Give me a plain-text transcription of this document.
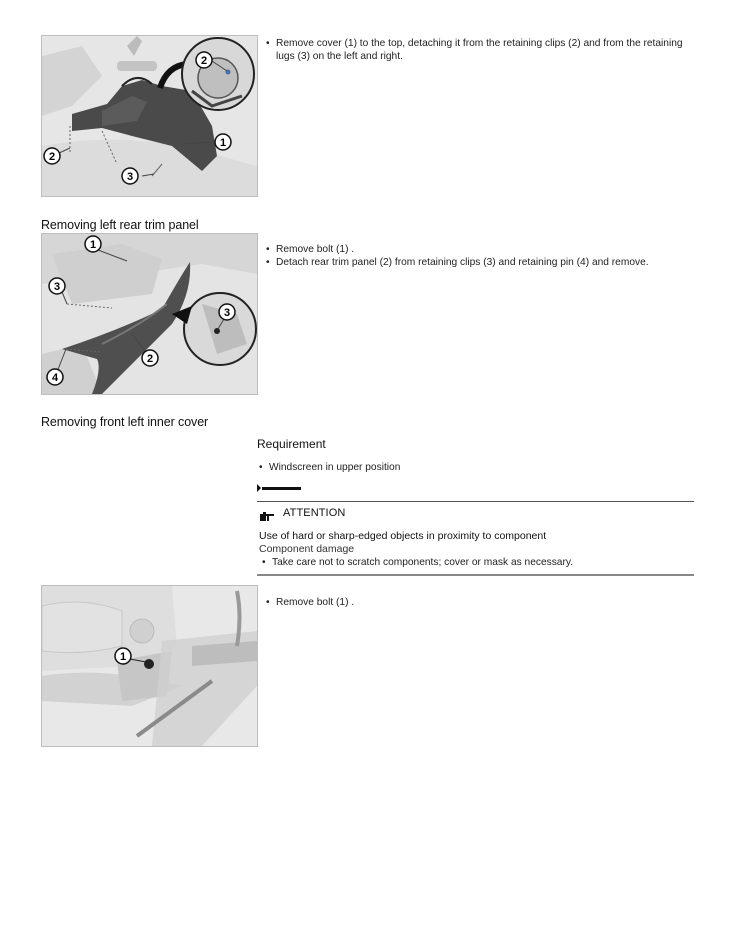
1
2
2
3
• Remove cover (1) to the top, detaching it from the retaining clips (2) and from the retaining lugs (3) on the left and right.
Removing left rear trim panel
1
3
3
2
4
• Remove bolt (1) .
• Detach rear trim panel (2) from retaining clips (3) and retaining pin (4) and remove.
Removing front left inner cover
Requirement
• Windscreen in upper position
ATTENTION
Use of hard or sharp-edged objects in proximity to component
Component damage
• Take care not to scratch components; cover or mask as necessary.
1
• Remove bolt (1) .
